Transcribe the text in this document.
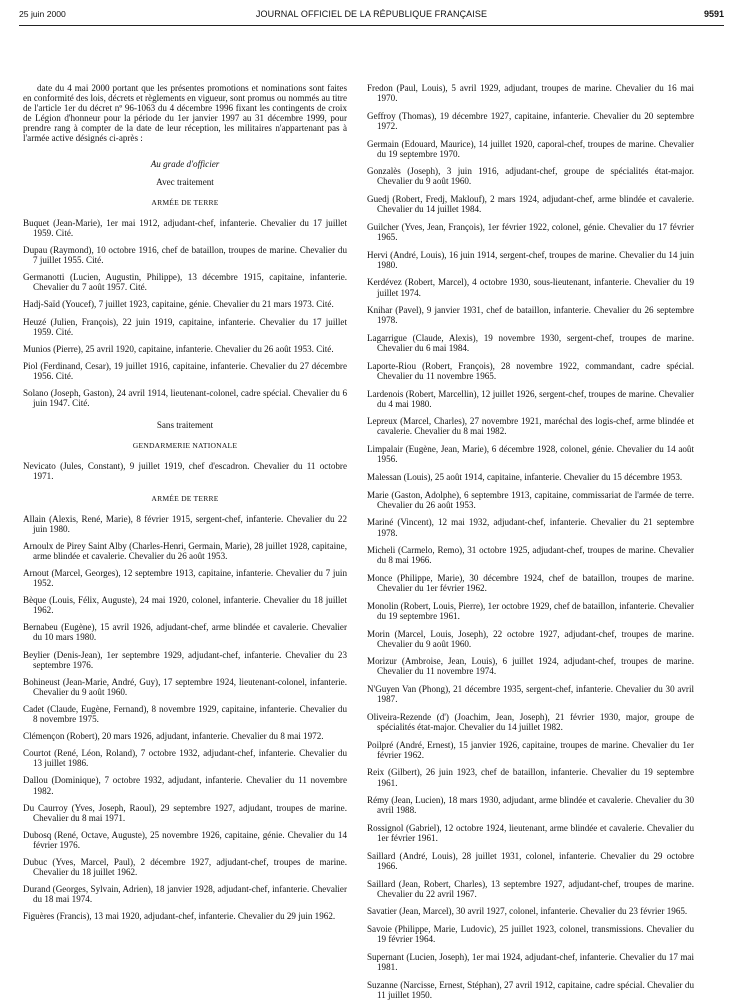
25 juin 2000	JOURNAL OFFICIEL DE LA RÉPUBLIQUE FRANÇAISE	9591

date du 4 mai 2000 portant que les présentes promotions et nominations sont faites en conformité des lois, décrets et règlements en vigueur, sont promus ou nommés au titre de l'article 1er du décret nº 96-1063 du 4 décembre 1996 fixant les contingents de croix de Légion d'honneur pour la période du 1er janvier 1997 au 31 décembre 1999, pour prendre rang à compter de la date de leur réception, les militaires n'appartenant pas à l'armée active désignés ci-après :

Au grade d'officier
Avec traitement
ARMÉE DE TERRE

Buquet (Jean-Marie), 1er mai 1912, adjudant-chef, infanterie. Chevalier du 17 juillet 1959. Cité.

Dupau (Raymond), 10 octobre 1916, chef de bataillon, troupes de marine. Chevalier du 7 juillet 1955. Cité.

Germanotti (Lucien, Augustin, Philippe), 13 décembre 1915, capitaine, infanterie. Chevalier du 7 août 1957. Cité.

Hadj-Saïd (Youcef), 7 juillet 1923, capitaine, génie. Chevalier du 21 mars 1973. Cité.

Heuzé (Julien, François), 22 juin 1919, capitaine, infanterie. Chevalier du 17 juillet 1959. Cité.

Munios (Pierre), 25 avril 1920, capitaine, infanterie. Chevalier du 26 août 1953. Cité.

Piol (Ferdinand, Cesar), 19 juillet 1916, capitaine, infanterie. Chevalier du 27 décembre 1956. Cité.

Solano (Joseph, Gaston), 24 avril 1914, lieutenant-colonel, cadre spécial. Chevalier du 6 juin 1947. Cité.

Sans traitement
GENDARMERIE NATIONALE

Nevicato (Jules, Constant), 9 juillet 1919, chef d'escadron. Chevalier du 11 octobre 1971.

ARMÉE DE TERRE

Allain (Alexis, René, Marie), 8 février 1915, sergent-chef, infanterie. Chevalier du 22 juin 1980.

Arnoulx de Pirey Saint Alby (Charles-Henri, Germain, Marie), 28 juillet 1928, capitaine, arme blindée et cavalerie. Chevalier du 26 août 1953.

Arnout (Marcel, Georges), 12 septembre 1913, capitaine, infanterie. Chevalier du 7 juin 1952.

Bèque (Louis, Félix, Auguste), 24 mai 1920, colonel, infanterie. Chevalier du 18 juillet 1962.

Bernabeu (Eugène), 15 avril 1926, adjudant-chef, arme blindée et cavalerie. Chevalier du 10 mars 1980.

Beylier (Denis-Jean), 1er septembre 1929, adjudant-chef, infanterie. Chevalier du 23 septembre 1976.

Bohineust (Jean-Marie, André, Guy), 17 septembre 1924, lieutenant-colonel, infanterie. Chevalier du 9 août 1960.

Cadet (Claude, Eugène, Fernand), 8 novembre 1929, capitaine, infanterie. Chevalier du 8 novembre 1975.

Clémençon (Robert), 20 mars 1926, adjudant, infanterie. Chevalier du 8 mai 1972.

Courtot (René, Léon, Roland), 7 octobre 1932, adjudant-chef, infanterie. Chevalier du 13 juillet 1986.

Dallou (Dominique), 7 octobre 1932, adjudant, infanterie. Chevalier du 11 novembre 1982.

Du Caurroy (Yves, Joseph, Raoul), 29 septembre 1927, adjudant, troupes de marine. Chevalier du 8 mai 1971.

Dubosq (René, Octave, Auguste), 25 novembre 1926, capitaine, génie. Chevalier du 14 février 1976.

Dubuc (Yves, Marcel, Paul), 2 décembre 1927, adjudant-chef, troupes de marine. Chevalier du 18 juillet 1962.

Durand (Georges, Sylvain, Adrien), 18 janvier 1928, adjudant-chef, infanterie. Chevalier du 18 mai 1974.

Figuères (Francis), 13 mai 1920, adjudant-chef, infanterie. Chevalier du 29 juin 1962.

Fredon (Paul, Louis), 5 avril 1929, adjudant, troupes de marine. Chevalier du 16 mai 1970.

Geffroy (Thomas), 19 décembre 1927, capitaine, infanterie. Chevalier du 20 septembre 1972.

Germain (Edouard, Maurice), 14 juillet 1920, caporal-chef, troupes de marine. Chevalier du 19 septembre 1970.

Gonzalès (Joseph), 3 juin 1916, adjudant-chef, groupe de spécialités état-major. Chevalier du 9 août 1960.

Guedj (Robert, Fredj, Maklouf), 2 mars 1924, adjudant-chef, arme blindée et cavalerie. Chevalier du 14 juillet 1984.

Guilcher (Yves, Jean, François), 1er février 1922, colonel, génie. Chevalier du 17 février 1965.

Hervi (André, Louis), 16 juin 1914, sergent-chef, troupes de marine. Chevalier du 14 juin 1980.

Kerdévez (Robert, Marcel), 4 octobre 1930, sous-lieutenant, infanterie. Chevalier du 19 juillet 1974.

Knihar (Pavel), 9 janvier 1931, chef de bataillon, infanterie. Chevalier du 26 septembre 1978.

Lagarrigue (Claude, Alexis), 19 novembre 1930, sergent-chef, troupes de marine. Chevalier du 6 mai 1984.

Laporte-Riou (Robert, François), 28 novembre 1922, commandant, cadre spécial. Chevalier du 11 novembre 1965.

Lardenois (Robert, Marcellin), 12 juillet 1926, sergent-chef, troupes de marine. Chevalier du 4 mai 1980.

Lepreux (Marcel, Charles), 27 novembre 1921, maréchal des logis-chef, arme blindée et cavalerie. Chevalier du 8 mai 1982.

Limpalair (Eugène, Jean, Marie), 6 décembre 1928, colonel, génie. Chevalier du 14 août 1956.

Malessan (Louis), 25 août 1914, capitaine, infanterie. Chevalier du 15 décembre 1953.

Marie (Gaston, Adolphe), 6 septembre 1913, capitaine, commissariat de l'armée de terre. Chevalier du 26 août 1953.

Mariné (Vincent), 12 mai 1932, adjudant-chef, infanterie. Chevalier du 21 septembre 1978.

Micheli (Carmelo, Remo), 31 octobre 1925, adjudant-chef, troupes de marine. Chevalier du 8 mai 1966.

Monce (Philippe, Marie), 30 décembre 1924, chef de bataillon, troupes de marine. Chevalier du 1er février 1962.

Monolin (Robert, Louis, Pierre), 1er octobre 1929, chef de bataillon, infanterie. Chevalier du 19 septembre 1961.

Morin (Marcel, Louis, Joseph), 22 octobre 1927, adjudant-chef, troupes de marine. Chevalier du 9 août 1960.

Morizur (Ambroise, Jean, Louis), 6 juillet 1924, adjudant-chef, troupes de marine. Chevalier du 11 novembre 1974.

N'Guyen Van (Phong), 21 décembre 1935, sergent-chef, infanterie. Chevalier du 30 avril 1987.

Oliveira-Rezende (d') (Joachim, Jean, Joseph), 21 février 1930, major, groupe de spécialités état-major. Chevalier du 14 juillet 1982.

Poilpré (André, Ernest), 15 janvier 1926, capitaine, troupes de marine. Chevalier du 1er février 1962.

Reix (Gilbert), 26 juin 1923, chef de bataillon, infanterie. Chevalier du 19 septembre 1961.

Rémy (Jean, Lucien), 18 mars 1930, adjudant, arme blindée et cavalerie. Chevalier du 30 avril 1988.

Rossignol (Gabriel), 12 octobre 1924, lieutenant, arme blindée et cavalerie. Chevalier du 1er février 1961.

Saillard (André, Louis), 28 juillet 1931, colonel, infanterie. Chevalier du 29 octobre 1966.

Saillard (Jean, Robert, Charles), 13 septembre 1927, adjudant-chef, troupes de marine. Chevalier du 22 avril 1967.

Savatier (Jean, Marcel), 30 avril 1927, colonel, infanterie. Chevalier du 23 février 1965.

Savoie (Philippe, Marie, Ludovic), 25 juillet 1923, colonel, transmissions. Chevalier du 19 février 1964.

Supernant (Lucien, Joseph), 1er mai 1924, adjudant-chef, infanterie. Chevalier du 17 mai 1981.

Suzanne (Narcisse, Ernest, Stéphan), 27 avril 1912, capitaine, cadre spécial. Chevalier du 11 juillet 1950.
